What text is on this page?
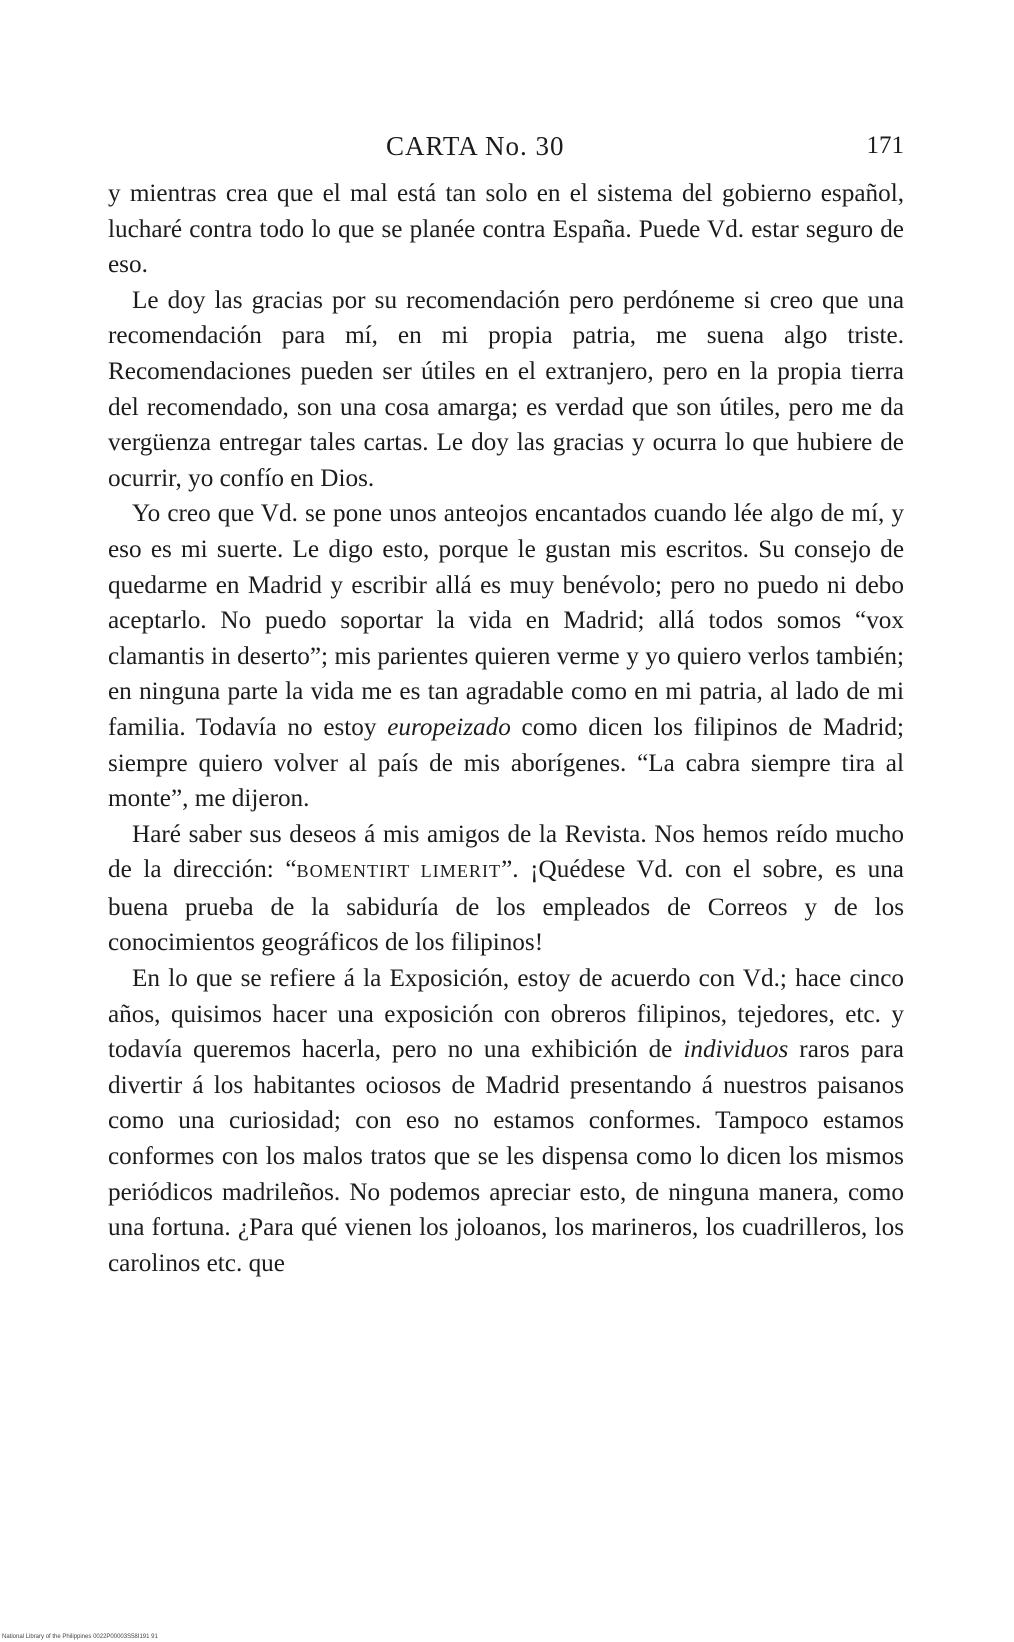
CARTA No. 30	171

y mientras crea que el mal está tan solo en el sistema del gobierno español, lucharé contra todo lo que se planée contra España. Puede Vd. estar seguro de eso.

Le doy las gracias por su recomendación pero perdóneme si creo que una recomendación para mí, en mi propia patria, me suena algo triste. Recomendaciones pueden ser útiles en el extranjero, pero en la propia tierra del recomendado, son una cosa amarga; es verdad que son útiles, pero me da vergüenza entregar tales cartas. Le doy las gracias y ocurra lo que hubiere de ocurrir, yo confío en Dios.

Yo creo que Vd. se pone unos anteojos encantados cuando lée algo de mí, y eso es mi suerte. Le digo esto, porque le gustan mis escritos. Su consejo de quedarme en Madrid y escribir allá es muy benévolo; pero no puedo ni debo aceptarlo. No puedo soportar la vida en Madrid; allá todos somos “vox clamantis in deserto”; mis parientes quieren verme y yo quiero verlos también; en ninguna parte la vida me es tan agradable como en mi patria, al lado de mi familia. Todavía no estoy europeizado como dicen los filipinos de Madrid; siempre quiero volver al país de mis aborígenes. “La cabra siempre tira al monte”, me dijeron.

Haré saber sus deseos á mis amigos de la Revista. Nos hemos reído mucho de la dirección: “BOMENTIRT LIMERIT”. ¡Quédese Vd. con el sobre, es una buena prueba de la sabiduría de los empleados de Correos y de los conocimientos geográficos de los filipinos!

En lo que se refiere á la Exposición, estoy de acuerdo con Vd.; hace cinco años, quisimos hacer una exposición con obreros filipinos, tejedores, etc. y todavía queremos hacerla, pero no una exhibición de individuos raros para divertir á los habitantes ociosos de Madrid presentando á nuestros paisanos como una curiosidad; con eso no estamos conformes. Tampoco estamos conformes con los malos tratos que se les dispensa como lo dicen los mismos periódicos madrileños. No podemos apreciar esto, de ninguna manera, como una fortuna. ¿Para qué vienen los joloanos, los marineros, los cuadrilleros, los carolinos etc. que

National Library of the Philippines 0022P00003S58I191 91
